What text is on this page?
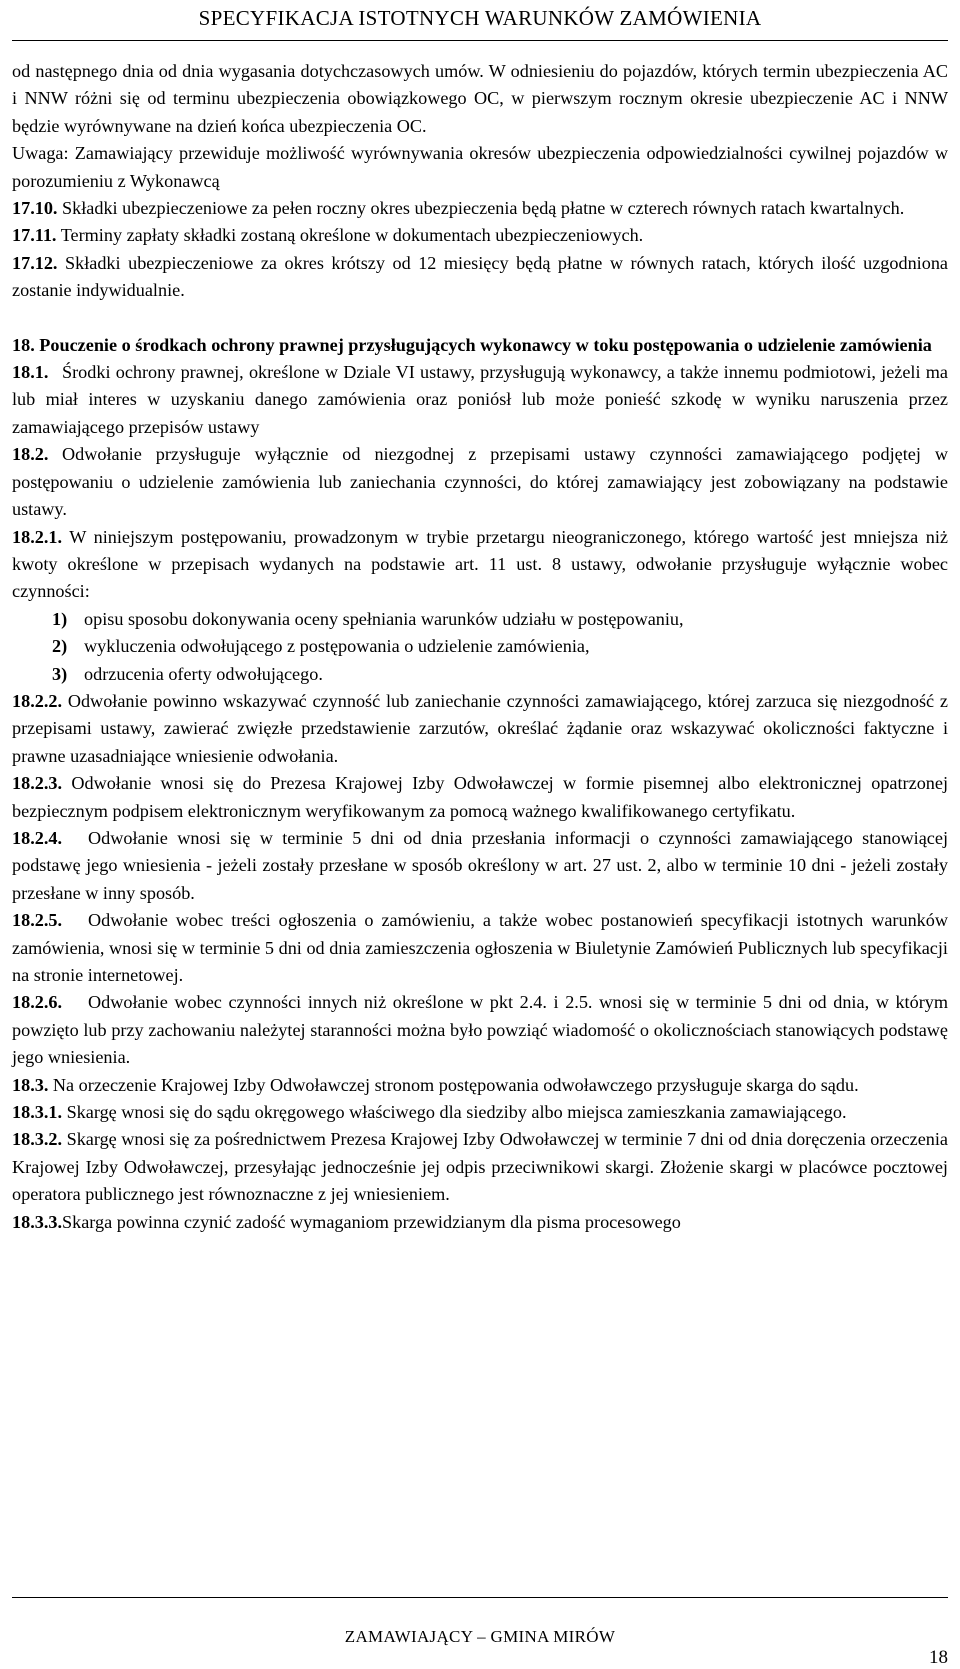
SPECYFIKACJA ISTOTNYCH WARUNKÓW ZAMÓWIENIA

od następnego dnia od dnia wygasania dotychczasowych umów. W odniesieniu do pojazdów, których termin ubezpieczenia AC i NNW różni się od terminu ubezpieczenia obowiązkowego OC, w pierwszym rocznym okresie ubezpieczenie AC i NNW będzie wyrównywane na dzień końca ubezpieczenia OC.

Uwaga: Zamawiający przewiduje możliwość wyrównywania okresów ubezpieczenia odpowiedzialności cywilnej pojazdów w porozumieniu z Wykonawcą

17.10. Składki ubezpieczeniowe za pełen roczny okres ubezpieczenia będą płatne w czterech równych ratach kwartalnych.

17.11. Terminy zapłaty składki zostaną określone w dokumentach ubezpieczeniowych.

17.12. Składki ubezpieczeniowe za okres krótszy od 12 miesięcy będą płatne w równych ratach, których ilość uzgodniona zostanie indywidualnie.

18. Pouczenie o środkach ochrony prawnej przysługujących wykonawcy w toku postępowania o udzielenie zamówienia

18.1. Środki ochrony prawnej, określone w Dziale VI ustawy, przysługują wykonawcy, a także innemu podmiotowi, jeżeli ma lub miał interes w uzyskaniu danego zamówienia oraz poniósł lub może ponieść szkodę w wyniku naruszenia przez zamawiającego przepisów ustawy

18.2. Odwołanie przysługuje wyłącznie od niezgodnej z przepisami ustawy czynności zamawiającego podjętej w postępowaniu o udzielenie zamówienia lub zaniechania czynności, do której zamawiający jest zobowiązany na podstawie ustawy.

18.2.1. W niniejszym postępowaniu, prowadzonym w trybie przetargu nieograniczonego, którego wartość jest mniejsza niż kwoty określone w przepisach wydanych na podstawie art. 11 ust. 8 ustawy, odwołanie przysługuje wyłącznie wobec czynności:

1) opisu sposobu dokonywania oceny spełniania warunków udziału w postępowaniu,

2) wykluczenia odwołującego z postępowania o udzielenie zamówienia,

3) odrzucenia oferty odwołującego.

18.2.2. Odwołanie powinno wskazywać czynność lub zaniechanie czynności zamawiającego, której zarzuca się niezgodność z przepisami ustawy, zawierać zwięzłe przedstawienie zarzutów, określać żądanie oraz wskazywać okoliczności faktyczne i prawne uzasadniające wniesienie odwołania.

18.2.3. Odwołanie wnosi się do Prezesa Krajowej Izby Odwoławczej w formie pisemnej albo elektronicznej opatrzonej bezpiecznym podpisem elektronicznym weryfikowanym za pomocą ważnego kwalifikowanego certyfikatu.

18.2.4. Odwołanie wnosi się w terminie 5 dni od dnia przesłania informacji o czynności zamawiającego stanowiącej podstawę jego wniesienia - jeżeli zostały przesłane w sposób określony w art. 27 ust. 2, albo w terminie 10 dni - jeżeli zostały przesłane w inny sposób.

18.2.5. Odwołanie wobec treści ogłoszenia o zamówieniu, a także wobec postanowień specyfikacji istotnych warunków zamówienia, wnosi się w terminie 5 dni od dnia zamieszczenia ogłoszenia w Biuletynie Zamówień Publicznych lub specyfikacji na stronie internetowej.

18.2.6. Odwołanie wobec czynności innych niż określone w pkt 2.4. i 2.5. wnosi się w terminie 5 dni od dnia, w którym powzięto lub przy zachowaniu należytej staranności można było powziąć wiadomość o okolicznościach stanowiących podstawę jego wniesienia.

18.3. Na orzeczenie Krajowej Izby Odwoławczej stronom postępowania odwoławczego przysługuje skarga do sądu.

18.3.1. Skargę wnosi się do sądu okręgowego właściwego dla siedziby albo miejsca zamieszkania zamawiającego.

18.3.2. Skargę wnosi się za pośrednictwem Prezesa Krajowej Izby Odwoławczej w terminie 7 dni od dnia doręczenia orzeczenia Krajowej Izby Odwoławczej, przesyłając jednocześnie jej odpis przeciwnikowi skargi. Złożenie skargi w placówce pocztowej operatora publicznego jest równoznaczne z jej wniesieniem.

18.3.3.Skarga powinna czynić zadość wymaganiom przewidzianym dla pisma procesowego

ZAMAWIAJĄCY – GMINA MIRÓW
18
